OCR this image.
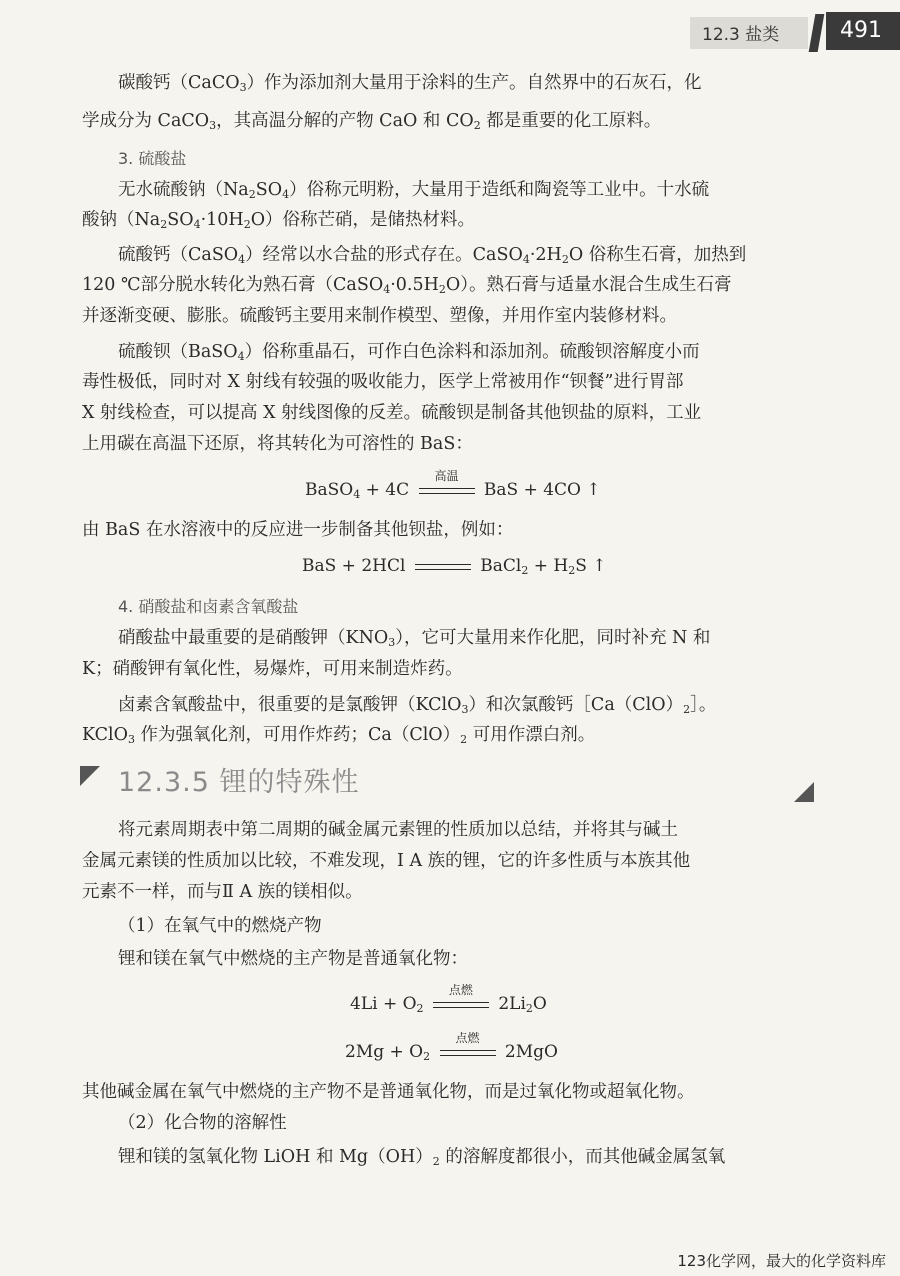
12.3 盐类	491
碳酸钙（CaCO$_3$）作为添加剂大量用于涂料的生产。自然界中的石灰石，化
学成分为 CaCO$_3$，其高温分解的产物 CaO 和 $CO_2$ 都是重要的化工原料。
3. 硫酸盐
无水硫酸钠$(Na_2SO_4)$俗称元明粉，大量用于造纸和陶瓷等工业中。十水硫
酸钠$(Na_2SO_4\cdot 10H_2O)$俗称芒硝，是储热材料。
硫酸钙（CaSO$_4$）经常以水合盐的形式存在。$CaSO_4\cdot 2H_2O$ 俗称生石膏，加热到
120 ℃部分脱水转化为熟石膏$(CaSO_4\cdot 0.5H_2O)$。熟石膏与适量水混合生成生石膏
并逐渐变硬、膨胀。硫酸钙主要用来制作模型、塑像，并用作室内装修材料。
硫酸钡（BaSO$_4$）俗称重晶石，可作白色涂料和添加剂。硫酸钡溶解度小而
毒性极低，同时对 X 射线有较强的吸收能力，医学上常被用作“钡餐”进行胃部
X 射线检查，可以提高 X 射线图像的反差。硫酸钡是制备其他钡盐的原料，工业
上用碳在高温下还原，将其转化为可溶性的 BaS：
BaSO$_4$ + 4C
高温
BaS + 4CO ↑
由 BaS 在水溶液中的反应进一步制备其他钡盐，例如：
BaS + 2HCl	BaCl$_2$ + $H_2S$ ↑
4. 硝酸盐和卤素含氧酸盐
硝酸盐中最重要的是硝酸钾$(KNO_3)$，它可大量用来作化肥，同时补充 N 和
K；硝酸钾有氧化性，易爆炸，可用来制造炸药。
卤素含氧酸盐中，很重要的是氯酸钾（KClO$_3$）和次氯酸钙$[Ca(ClO)_2]$。
KClO$_3$ 作为强氧化剂，可用作炸药；$Ca(ClO)_2$ 可用作漂白剂。
12.3.5 锂的特殊性
将元素周期表中第二周期的碱金属元素锂的性质加以总结，并将其与碱土
金属元素镁的性质加以比较，不难发现，Ⅰ A 族的锂，它的许多性质与本族其他
元素不一样，而与Ⅱ A 族的镁相似。
（1）在氧气中的燃烧产物
锂和镁在氧气中燃烧的主产物是普通氧化物：
$4Li + O_2$
点燃
$2Li_2O$
$2Mg + O_2$
点燃
2MgO
其他碱金属在氧气中燃烧的主产物不是普通氧化物，而是过氧化物或超氧化物。
（2）化合物的溶解性
锂和镁的氢氧化物 LiOH 和 $Mg(OH)_2$ 的溶解度都很小，而其他碱金属氢氧
123化学网，最大的化学资料库
